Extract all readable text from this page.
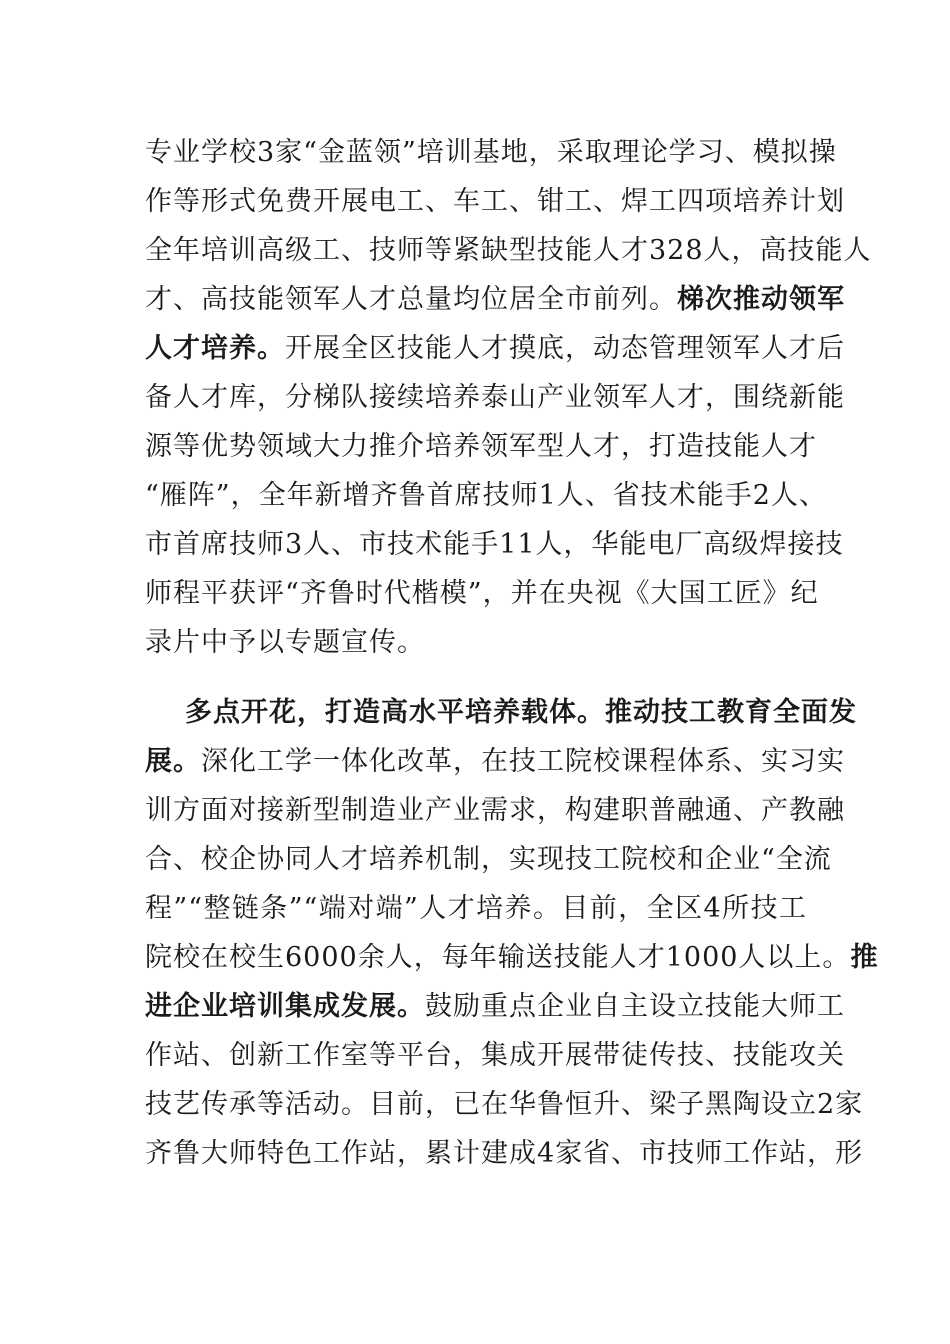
专业学校3家“金蓝领”培训基地，采取理论学习、模拟操
作等形式免费开展电工、车工、钳工、焊工四项培养计划
全年培训高级工、技师等紧缺型技能人才328人，高技能人
才、高技能领军人才总量均位居全市前列。梯次推动领军
人才培养。开展全区技能人才摸底，动态管理领军人才后
备人才库，分梯队接续培养泰山产业领军人才，围绕新能
源等优势领域大力推介培养领军型人才，打造技能人才
“雁阵”，全年新增齐鲁首席技师1人、省技术能手2人、
市首席技师3人、市技术能手11人，华能电厂高级焊接技
师程平获评“齐鲁时代楷模”，并在央视《大国工匠》纪
录片中予以专题宣传。
多点开花，打造高水平培养载体。推动技工教育全面发
展。深化工学一体化改革，在技工院校课程体系、实习实
训方面对接新型制造业产业需求，构建职普融通、产教融
合、校企协同人才培养机制，实现技工院校和企业“全流
程”“整链条”“端对端”人才培养。目前，全区4所技工
院校在校生6000余人，每年输送技能人才1000人以上。推
进企业培训集成发展。鼓励重点企业自主设立技能大师工
作站、创新工作室等平台，集成开展带徒传技、技能攻关
技艺传承等活动。目前，已在华鲁恒升、梁子黑陶设立2家
齐鲁大师特色工作站，累计建成4家省、市技师工作站，形
